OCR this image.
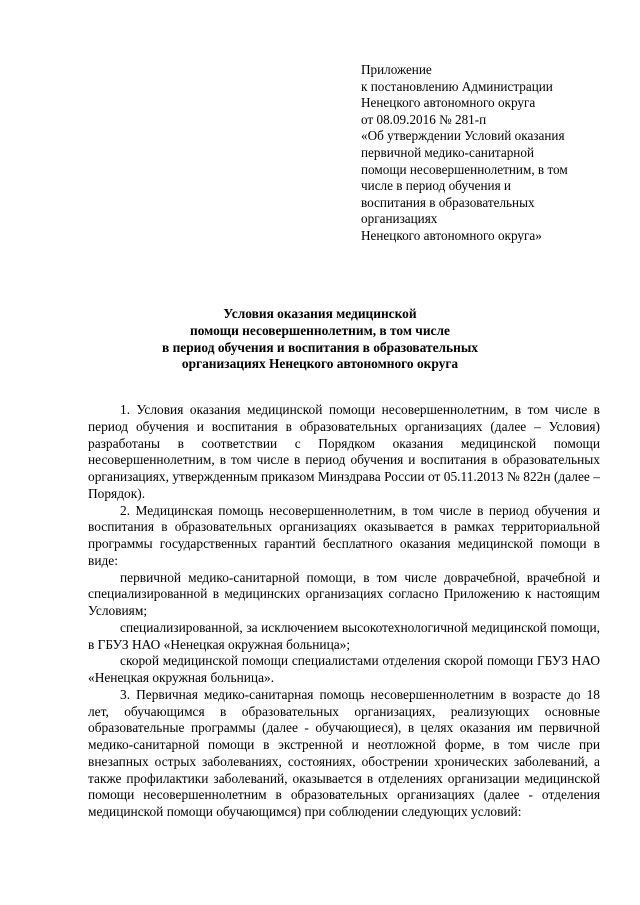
Приложение
к постановлению Администрации
Ненецкого автономного округа
от 08.09.2016 № 281-п
«Об утверждении Условий оказания
первичной медико-санитарной
помощи несовершеннолетним, в том
числе в период обучения и
воспитания в образовательных
организациях
Ненецкого автономного округа»
Условия оказания медицинской
помощи несовершеннолетним, в том числе
в период обучения и воспитания в образовательных
организациях Ненецкого автономного округа

1. Условия оказания медицинской помощи несовершеннолетним, в том числе в период обучения и воспитания в образовательных организациях (далее – Условия) разработаны в соответствии с Порядком оказания медицинской помощи несовершеннолетним, в том числе в период обучения и воспитания в образовательных организациях, утвержденным приказом Минздрава России от 05.11.2013 № 822н (далее – Порядок).

2. Медицинская помощь несовершеннолетним, в том числе в период обучения и воспитания в образовательных организациях оказывается в рамках территориальной программы государственных гарантий бесплатного оказания медицинской помощи в виде:

первичной медико-санитарной помощи, в том числе доврачебной, врачебной и специализированной в медицинских организациях согласно Приложению к настоящим Условиям;

специализированной, за исключением высокотехнологичной медицинской помощи, в ГБУЗ НАО «Ненецкая окружная больница»;

скорой медицинской помощи специалистами отделения скорой помощи ГБУЗ НАО «Ненецкая окружная больница».

3. Первичная медико-санитарная помощь несовершеннолетним в возрасте до 18 лет, обучающимся в образовательных организациях, реализующих основные образовательные программы (далее - обучающиеся), в целях оказания им первичной медико-санитарной помощи в экстренной и неотложной форме, в том числе при внезапных острых заболеваниях, состояниях, обострении хронических заболеваний, а также профилактики заболеваний, оказывается в отделениях организации медицинской помощи несовершеннолетним в образовательных организациях (далее - отделения медицинской помощи обучающимся) при соблюдении следующих условий:
